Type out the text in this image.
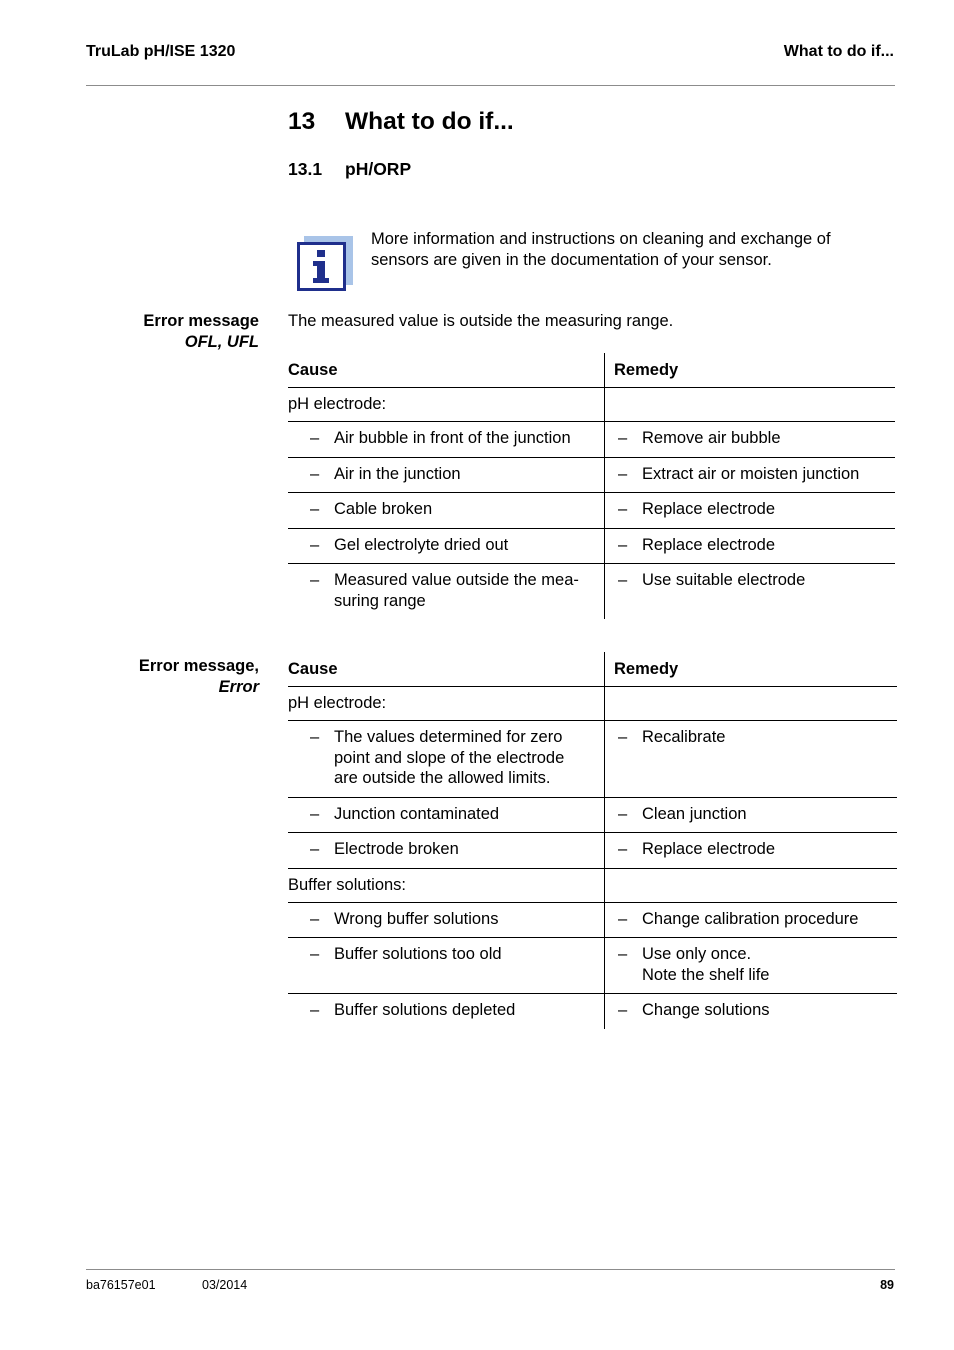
TruLab pH/ISE 1320	What to do if...
13 What to do if...
13.1 pH/ORP
More information and instructions on cleaning and exchange of
sensors are given in the documentation of your sensor.
Error message
OFL, UFL
The measured value is outside the measuring range.
Cause	Remedy
pH electrode:	

– Air bubble in front of the junction	– Remove air bubble

– Air in the junction	– Extract air or moisten junction

– Cable broken	– Replace electrode

– Gel electrolyte dried out	– Replace electrode

– Measured value outside the mea-
suring range	– Use suitable electrode
Error message,
Error
Cause	Remedy
pH electrode:	

– The values determined for zero
point and slope of the electrode
are outside the allowed limits.	– Recalibrate

– Junction contaminated	– Clean junction

– Electrode broken	– Replace electrode

Buffer solutions:	

– Wrong buffer solutions	– Change calibration procedure

– Buffer solutions too old	– Use only once.
Note the shelf life

– Buffer solutions depleted	– Change solutions
ba76157e01	03/2014	89
